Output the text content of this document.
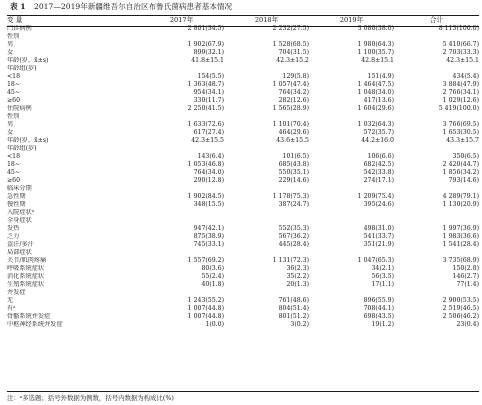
表 1 2017—2019年新疆维吾尔自治区布鲁氏菌病患者基本情况
变 量	2017年	2018年	2019年	合计
门诊病例	2 801(34.5)	2 232(27.5)	3 080(38.0)	8 113(100.0)
性别				
男	1 902(67.9)	1 528(68.5)	1 980(64.3)	5 410(66.7)
女	899(32.1)	704(31.5)	1 100(35.7)	2 703(33.3)
年龄(岁，x̄±s)	41.8±15.1	42.3±15.2	42.8±15.1	42.3±15.1
年龄组(岁)				
<18	154(5.5)	129(5.8)	151(4.9)	434(5.4)
18~	1 363(48.7)	1 057(47.4)	1 464(47.5)	3 884(47.9)
45~	954(34.1)	764(34.2)	1 048(34.0)	2 766(34.1)
≥60	330(11.7)	282(12.6)	417(13.6)	1 029(12.6)
住院病例	2 250(41.5)	1 565(28.9)	1 604(29.6)	5 419(100.0)
性别				
男	1 633(72.6)	1 101(70.4)	1 032(64.3)	3 766(69.5)
女	617(27.4)	464(29.6)	572(35.7)	1 653(30.5)
年龄(岁，x̄±s)	42.3±15.5	43.6±15.5	44.2±16.0	43.3±15.7
年龄组(岁)				
<18	143(6.4)	101(6.5)	106(6.6)	350(6.5)
18~	1 053(46.8)	685(43.8)	682(42.5)	2 420(44.7)
45~	764(34.0)	550(35.1)	542(33.8)	1 856(34.2)
≥60	290(12.8)	229(14.6)	274(17.1)	793(14.6)
临床分期				
急性期	1 902(84.5)	1 178(75.3)	1 209(75.4)	4 289(79.1)
慢性期	348(15.5)	387(24.7)	395(24.6)	1 130(20.9)
入院症状ᵃ				
全身症状				
发热	947(42.1)	552(35.3)	498(31.0)	1 997(36.9)
乏力	875(38.9)	567(36.2)	541(33.7)	1 983(36.6)
盗汗/多汗	745(33.1)	445(28.4)	351(21.9)	1 541(28.4)
局部症状				
关节/肌肉疼痛	1 557(69.2)	1 131(72.3)	1 047(65.3)	3 735(68.9)
呼吸系统症状	80(3.6)	36(2.3)	34(2.1)	150(2.8)
消化系统症状	55(2.4)	35(2.2)	56(3.5)	146(2.7)
生殖系统症状	40(1.8)	20(1.3)	17(1.1)	77(1.4)
并发症				
无	1 243(55.2)	761(48.6)	896(55.9)	2 900(53.5)
有ᵃ	1 007(44.8)	804(51.4)	708(44.1)	2 519(46.5)
骨骼系统并发症	1 007(44.8)	801(51.2)	698(43.5)	2 506(46.2)
中枢神经系统并发症	1(0.0)	3(0.2)	19(1.2)	23(0.4)
注：ᵃ多选题；括号外数据为例数，括号内数据为构成比(%)
